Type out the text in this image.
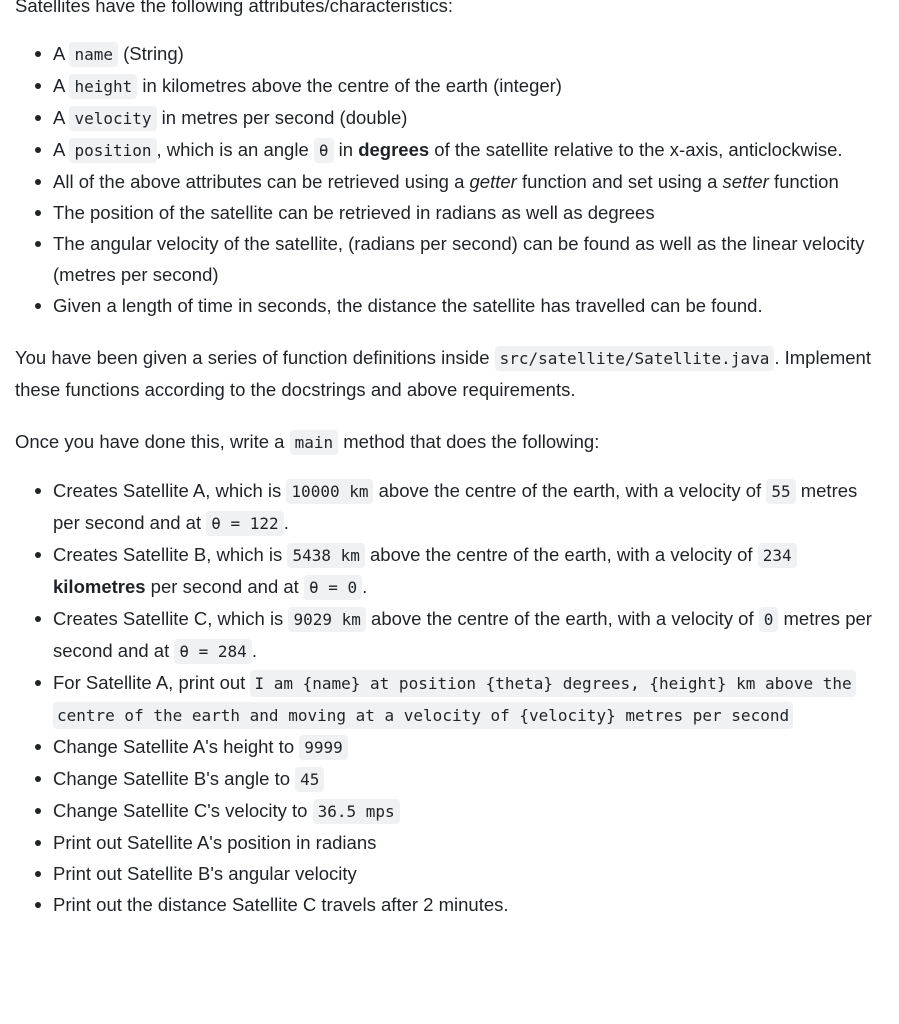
Satellites have the following attributes/characteristics:

A name (String)
A height in kilometres above the centre of the earth (integer)
A velocity in metres per second (double)
A position , which is an angle θ in degrees of the satellite relative to the x-axis, anticlockwise.
All of the above attributes can be retrieved using a getter function and set using a setter function
The position of the satellite can be retrieved in radians as well as degrees
The angular velocity of the satellite, (radians per second) can be found as well as the linear velocity (metres per second)
Given a length of time in seconds, the distance the satellite has travelled can be found.

You have been given a series of function definitions inside src/satellite/Satellite.java . Implement these functions according to the docstrings and above requirements.

Once you have done this, write a main method that does the following:

Creates Satellite A, which is 10000 km above the centre of the earth, with a velocity of 55 metres per second and at θ = 122 .
Creates Satellite B, which is 5438 km above the centre of the earth, with a velocity of 234 kilometres per second and at θ = 0 .
Creates Satellite C, which is 9029 km above the centre of the earth, with a velocity of 0 metres per second and at θ = 284 .
For Satellite A, print out I am {name} at position {theta} degrees, {height} km above the centre of the earth and moving at a velocity of {velocity} metres per second
Change Satellite A's height to 9999
Change Satellite B's angle to 45
Change Satellite C's velocity to 36.5 mps
Print out Satellite A's position in radians
Print out Satellite B's angular velocity
Print out the distance Satellite C travels after 2 minutes.
